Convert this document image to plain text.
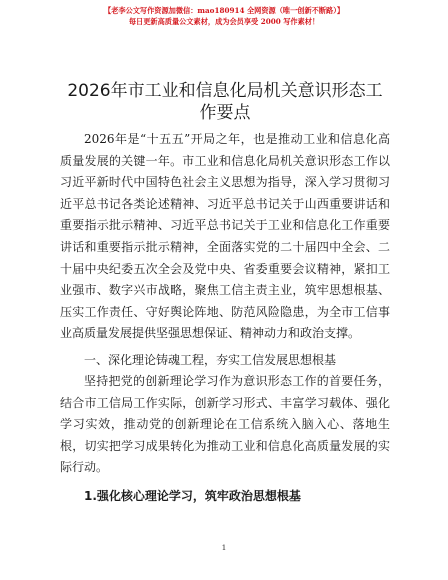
【老李公文写作资源加微信：mao180914 全网资源（唯一创新不断路）】
每日更新高质量公文素材，成为会员享受 2000 写作素材！
2026年市工业和信息化局机关意识形态工作要点

2026年是“十五五”开局之年，也是推动工业和信息化高质量发展的关键一年。市工业和信息化局机关意识形态工作以习近平新时代中国特色社会主义思想为指导，深入学习贯彻习近平总书记各类论述精神、习近平总书记关于山西重要讲话和重要指示批示精神、习近平总书记关于工业和信息化工作重要讲话和重要指示批示精神，全面落实党的二十届四中全会、二十届中央纪委五次全会及党中央、省委重要会议精神，紧扣工业强市、数字兴市战略，聚焦工信主责主业，筑牢思想根基、压实工作责任、守好舆论阵地、防范风险隐患，为全市工信事业高质量发展提供坚强思想保证、精神动力和政治支撑。

一、深化理论铸魂工程，夯实工信发展思想根基

坚持把党的创新理论学习作为意识形态工作的首要任务，结合市工信局工作实际，创新学习形式、丰富学习载体、强化学习实效，推动党的创新理论在工信系统入脑入心、落地生根，切实把学习成果转化为推动工业和信息化高质量发展的实际行动。

1.强化核心理论学习，筑牢政治思想根基

1
